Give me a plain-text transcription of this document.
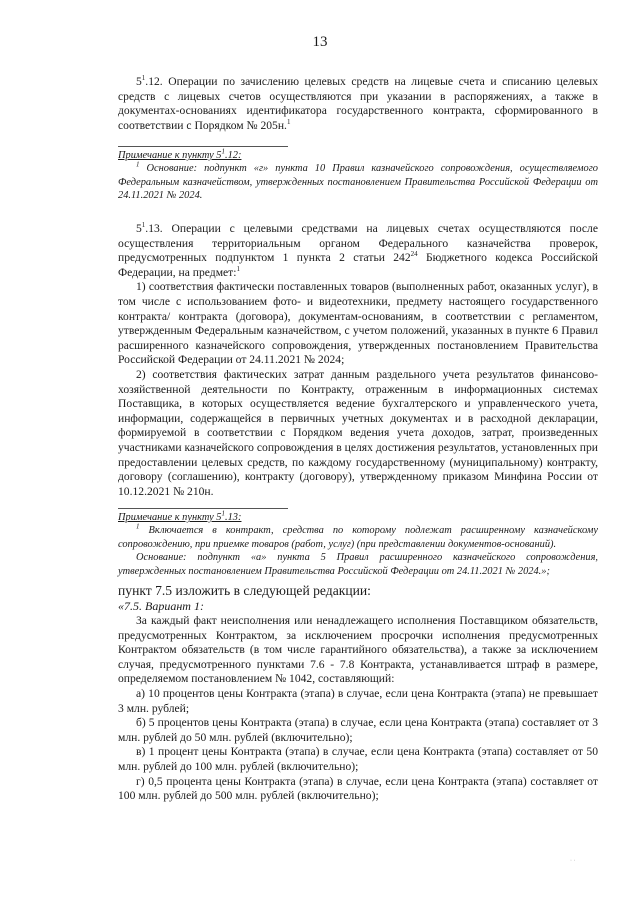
13

$5^1.12$. Операции по зачислению целевых средств на лицевые счета и списанию целевых средств с лицевых счетов осуществляются при указании в распоряжениях, а также в документах-основаниях идентификатора государственного контракта, сформированного в соответствии с Порядком № 205н.$^1$

Примечание к пункту $5^1.12$:

$^1$ Основание: подпункт «г» пункта 10 Правил казначейского сопровождения, осуществляемого Федеральным казначейством, утвержденных постановлением Правительства Российской Федерации от 24.11.2021 № 2024.

$5^1.13$. Операции с целевыми средствами на лицевых счетах осуществляются после осуществления территориальным органом Федерального казначейства проверок, предусмотренных подпунктом 1 пункта 2 статьи $242^{24}$ Бюджетного кодекса Российской Федерации, на предмет:$^1$

1) соответствия фактически поставленных товаров (выполненных работ, оказанных услуг), в том числе с использованием фото- и видеотехники, предмету настоящего государственного контракта/ контракта (договора), документам-основаниям, в соответствии с регламентом, утвержденным Федеральным казначейством, с учетом положений, указанных в пункте 6 Правил расширенного казначейского сопровождения, утвержденных постановлением Правительства Российской Федерации от 24.11.2021 № 2024;

2) соответствия фактических затрат данным раздельного учета результатов финансово-хозяйственной деятельности по Контракту, отраженным в информационных системах Поставщика, в которых осуществляется ведение бухгалтерского и управленческого учета, информации, содержащейся в первичных учетных документах и в расходной декларации, формируемой в соответствии с Порядком ведения учета доходов, затрат, произведенных участниками казначейского сопровождения в целях достижения результатов, установленных при предоставлении целевых средств, по каждому государственному (муниципальному) контракту, договору (соглашению), контракту (договору), утвержденному приказом Минфина России от 10.12.2021 № 210н.

Примечание к пункту $5^1.13$:

$^1$ Включается в контракт, средства по которому подлежат расширенному казначейскому сопровождению, при приемке товаров (работ, услуг) (при представлении документов-оснований).

Основание: подпункт «а» пункта 5 Правил расширенного казначейского сопровождения, утвержденных постановлением Правительства Российской Федерации от 24.11.2021 № 2024.»;

пункт 7.5 изложить в следующей редакции:

«7.5. Вариант 1:

За каждый факт неисполнения или ненадлежащего исполнения Поставщиком обязательств, предусмотренных Контрактом, за исключением просрочки исполнения предусмотренных Контрактом обязательств (в том числе гарантийного обязательства), а также за исключением случая, предусмотренного пунктами 7.6 - 7.8 Контракта, устанавливается штраф в размере, определяемом постановлением № 1042, составляющий:

а) 10 процентов цены Контракта (этапа) в случае, если цена Контракта (этапа) не превышает 3 млн. рублей;

б) 5 процентов цены Контракта (этапа) в случае, если цена Контракта (этапа) составляет от 3 млн. рублей до 50 млн. рублей (включительно);

в) 1 процент цены Контракта (этапа) в случае, если цена Контракта (этапа) составляет от 50 млн. рублей до 100 млн. рублей (включительно);

г) 0,5 процента цены Контракта (этапа) в случае, если цена Контракта (этапа) составляет от 100 млн. рублей до 500 млн. рублей (включительно);

· ·
